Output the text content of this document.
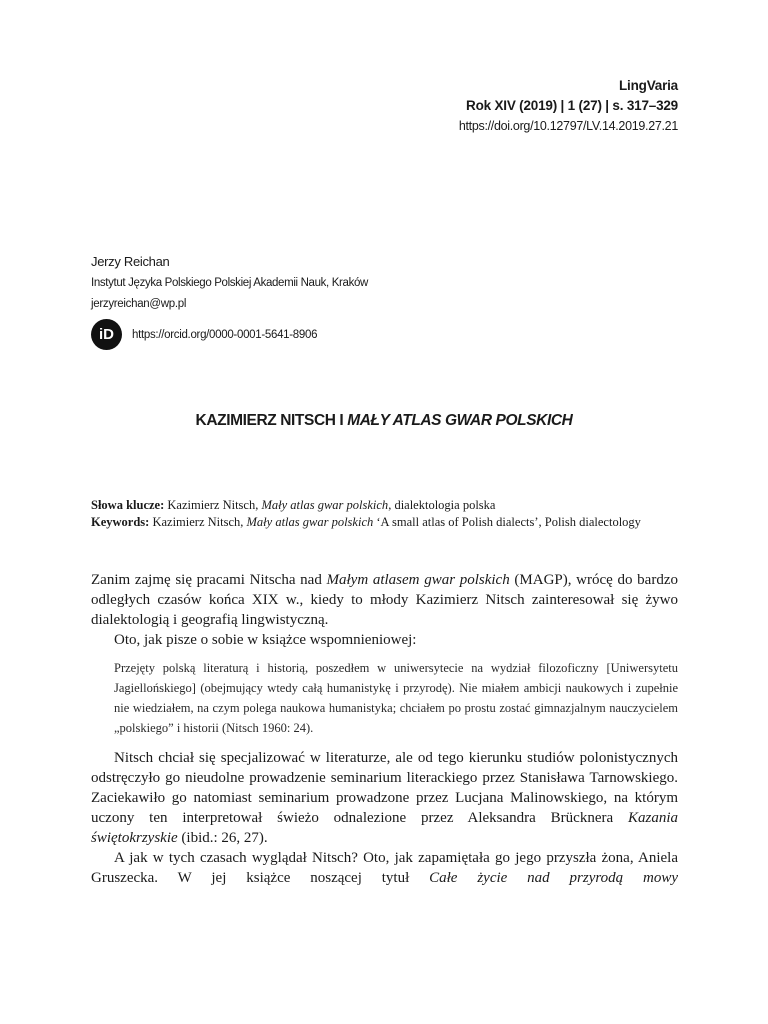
LingVaria
Rok XIV (2019) | 1 (27) | s. 317–329
https://doi.org/10.12797/LV.14.2019.27.21
Jerzy Reichan
Instytut Języka Polskiego Polskiej Akademii Nauk, Kraków
jerzyreichan@wp.pl
iD	https://orcid.org/0000-0001-5641-8906
KAZIMIERZ NITSCH I MAŁY ATLAS GWAR POLSKICH

Słowa klucze: Kazimierz Nitsch, Mały atlas gwar polskich, dialektologia polska

Keywords: Kazimierz Nitsch, Mały atlas gwar polskich ‘A small atlas of Polish dialects’, Polish dialectology

Zanim zajmę się pracami Nitscha nad Małym atlasem gwar polskich (MAGP), wrócę do bardzo odległych czasów końca XIX w., kiedy to młody Kazimierz Nitsch zainteresował się żywo dialektologią i geografią lingwistyczną.

Oto, jak pisze o sobie w książce wspomnieniowej:

Przejęty polską literaturą i historią, poszedłem w uniwersytecie na wydział filozoficzny [Uniwersytetu Jagiellońskiego] (obejmujący wtedy całą humanistykę i przyrodę). Nie miałem ambicji naukowych i zupełnie nie wiedziałem, na czym polega naukowa humanistyka; chciałem po prostu zostać gimnazjalnym nauczycielem „polskiego” i historii (Nitsch 1960: 24).

Nitsch chciał się specjalizować w literaturze, ale od tego kierunku studiów polonistycznych odstręczyło go nieudolne prowadzenie seminarium literackiego przez Stanisława Tarnowskiego. Zaciekawiło go natomiast seminarium prowadzone przez Lucjana Malinowskiego, na którym uczony ten interpretował świeżo odnalezione przez Aleksandra Brücknera Kazania świętokrzyskie (ibid.: 26, 27).

A jak w tych czasach wyglądał Nitsch? Oto, jak zapamiętała go jego przyszła żona, Aniela Gruszecka. W jej książce noszącej tytuł Całe życie nad przyrodą mowy
